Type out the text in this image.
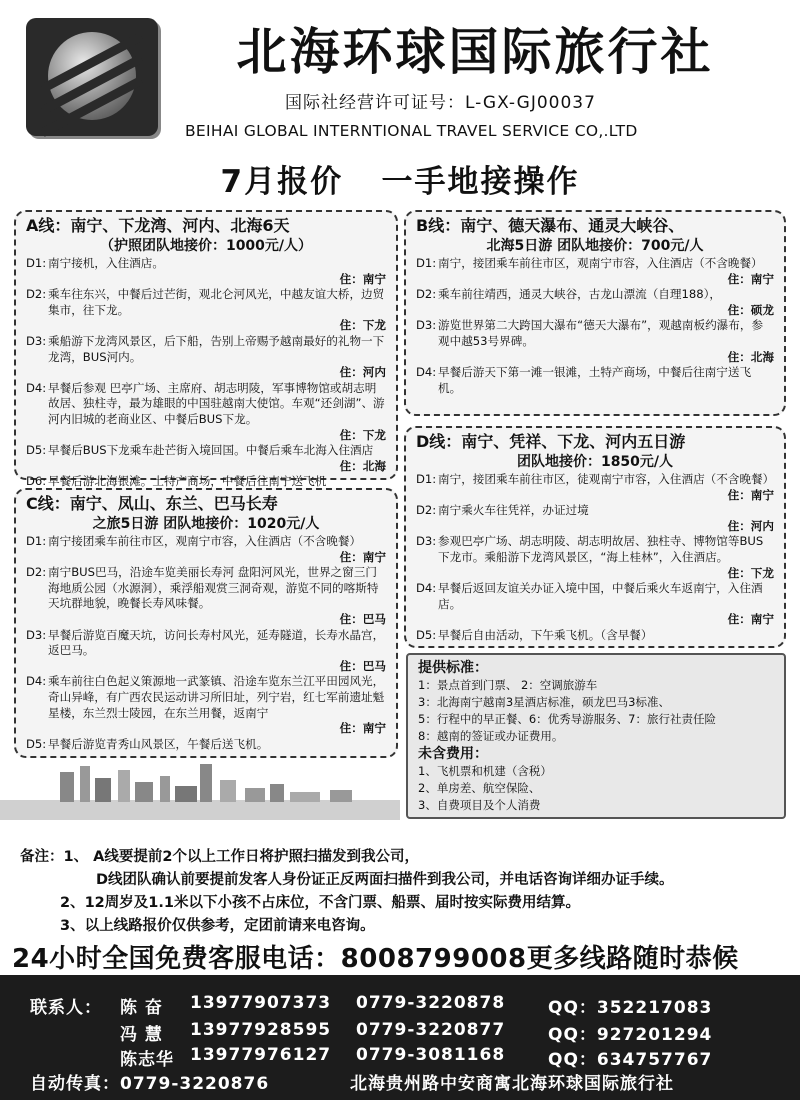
北海环球国际旅行社
国际社经营许可证号：L-GX-GJ00037
BEIHAI GLOBAL INTERNTIONAL TRAVEL SERVICE CO,.LTD
7月报价   一手地接操作
A线：南宁、下龙湾、河内、北海6天
（护照团队地接价：1000元/人）
D1: 南宁接机，入住酒店。
住：南宁
D2: 乘车往东兴，中餐后过芒街，观北仑河风光，中越友谊大桥，边贸集市，往下龙。
住：下龙
D3: 乘船游下龙湾风景区，后下船，告别上帝赐予越南最好的礼物一下龙湾，BUS河内。
住：河内
D4: 早餐后参观 巴亭广场、主席府、胡志明陵，军事博物馆或胡志明故居、独柱寺，最为雄眼的中国驻越南大使馆。车观“还剑湖”、游河内旧城的老商业区、中餐后BUS下龙。
住：下龙
D5: 早餐后BUS下龙乘车赴芒街入境回国。中餐后乘车北海入住酒店
住：北海
D6: 早餐后游北海银滩。土特产商场，中餐后往南宁送飞机
B线：南宁、德天瀑布、通灵大峡谷、
北海5日游 团队地接价：700元/人
D1: 南宁，接团乘车前往市区，观南宁市容，入住酒店（不含晚餐）
住：南宁
D2: 乘车前往靖西，通灵大峡谷，古龙山漂流（自理188），
住：硕龙
D3: 游览世界第二大跨国大瀑布“德天大瀑布”，观越南板约瀑布，参观中越53号界碑。
住：北海
D4: 早餐后游天下第一滩一银滩，土特产商场，中餐后往南宁送飞机。
C线：南宁、凤山、东兰、巴马长寿
之旅5日游 团队地接价：1020元/人
D1: 南宁接团乘车前往市区，观南宁市容，入住酒店（不含晚餐）
住：南宁
D2: 南宁BUS巴马，沿途车览美丽长寿河 盘阳河风光，世界之窗三门海地质公园（水源洞），乘浮船观赏三洞奇观，游览不同的喀斯特天坑群地貌，晚餐长寿风味餐。
住：巴马
D3: 早餐后游览百魔天坑，访问长寿村风光，延寿隧道，长寿水晶宫，返巴马。
住：巴马
D4: 乘车前往白色起义策源地一武篆镇、沿途车览东兰江平田园风光，奇山异峰，有广西农民运动讲习所旧址，列宁岩，红七军前遗址魁星楼，东兰烈士陵园，在东兰用餐，返南宁
住：南宁
D5: 早餐后游览青秀山风景区，午餐后送飞机。
D线：南宁、凭祥、下龙、河内五日游
团队地接价：1850元/人
D1: 南宁，接团乘车前往市区，徒观南宁市容，入住酒店（不含晚餐）
住：南宁
D2: 南宁乘火车往凭祥，办证过境
住：河内
D3: 参观巴亭广场、胡志明陵、胡志明故居、独柱寺、博物馆等BUS下龙市。乘船游下龙湾风景区，“海上桂林”，入住酒店。
住：下龙
D4: 早餐后返回友谊关办证入境中国，中餐后乘火车返南宁，入住酒店。
住：南宁
D5: 早餐后自由活动，下午乘飞机。（含早餐）
提供标准：
1：景点首到门票、 2：空调旅游车
3：北海南宁越南3星酒店标准，硕龙巴马3标准、
5：行程中的早正餐、6：优秀导游服务、7：旅行社责任险
8：越南的签证或办证费用。
未含费用：
1、飞机票和机建（含税）
2、单房差、航空保险、
3、自费项目及个人消费
备注：1、 A线要提前2个以上工作日将护照扫描发到我公司，
D线团队确认前要提前发客人身份证正反两面扫描件到我公司，并电话咨询详细办证手续。
2、12周岁及1.1米以下小孩不占床位，不含门票、船票、届时按实际费用结算。
3、以上线路报价仅供参考，定团前请来电咨询。
24小时全国免费客服电话：8008799008更多线路随时恭候
联系人： 陈 奋 13977907373 0779-3220878	QQ：352217083
冯 慧 13977928595 0779-3220877	QQ：927201294
陈志华 13977976127 0779-3081168	QQ：634757767
自动传真：0779-3220876	北海贵州路中安商寓北海环球国际旅行社
